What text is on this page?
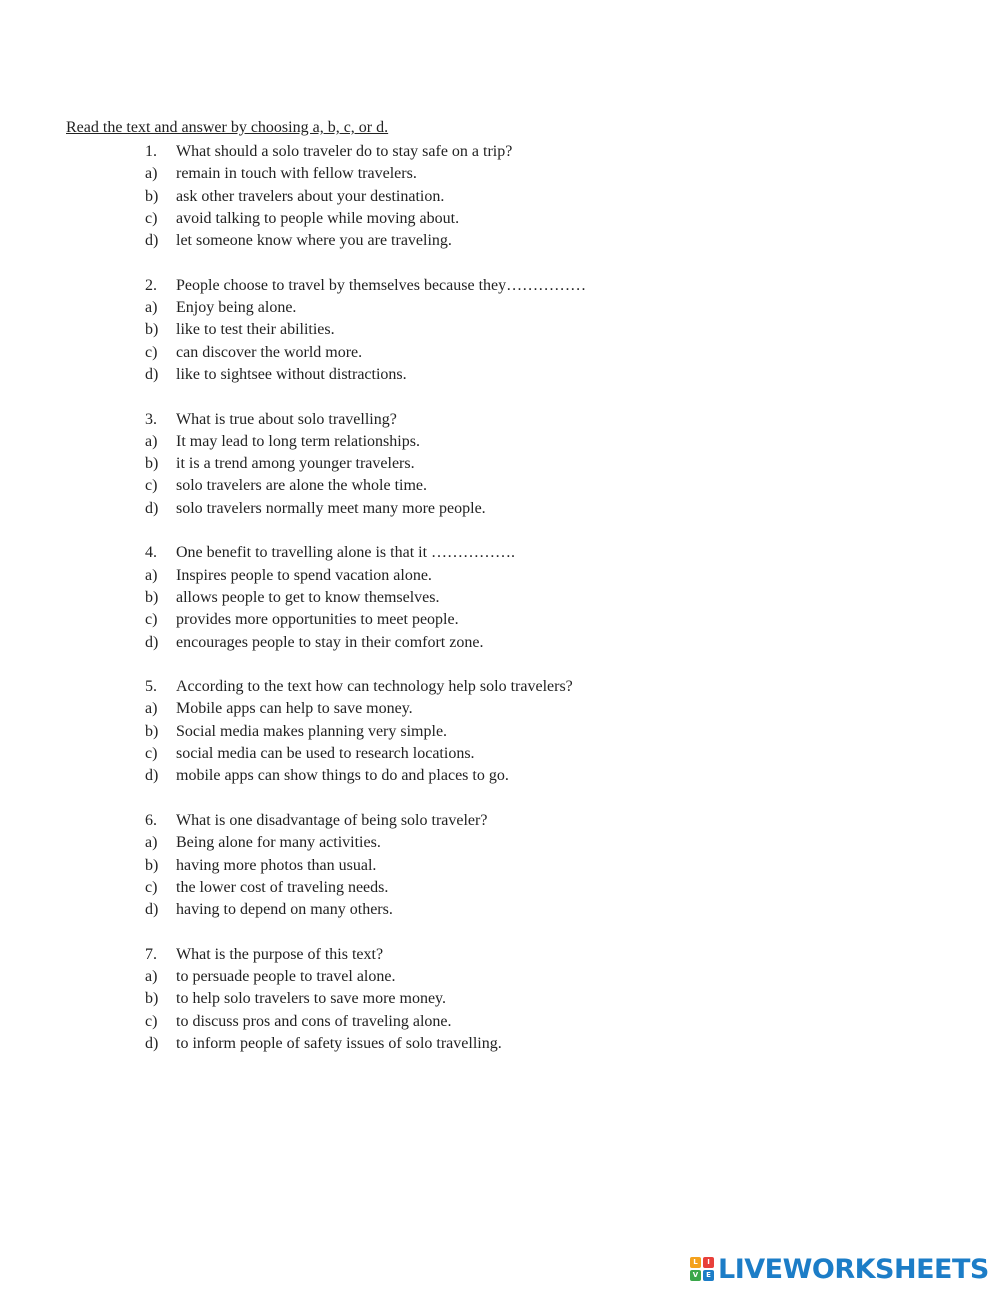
Read the text and answer by choosing a, b, c, or d.
1.	What should a solo traveler do to stay safe on a trip?
a)	remain in touch with fellow travelers.
b)	ask other travelers about your destination.
c)	avoid talking to people while moving about.
d)	let someone know where you are traveling.
2.	People choose to travel by themselves because they……………
a)	Enjoy being alone.
b)	like to test their abilities.
c)	can discover the world more.
d)	like to sightsee without distractions.
3.	What is true about solo travelling?
a)	It may lead to long term relationships.
b)	it is a trend among younger travelers.
c)	solo travelers are alone the whole time.
d)	solo travelers normally meet many more people.
4.	One benefit to travelling alone is that it …………….
a)	Inspires people to spend vacation alone.
b)	allows people to get to know themselves.
c)	provides more opportunities to meet people.
d)	encourages people to stay in their comfort zone.
5.	According to the text how can technology help solo travelers?
a)	Mobile apps can help to save money.
b)	Social media makes planning very simple.
c)	social media can be used to research locations.
d)	mobile apps can show things to do and places to go.
6.	What is one disadvantage of being solo traveler?
a)	Being alone for many activities.
b)	having more photos than usual.
c)	the lower cost of traveling needs.
d)	having to depend on many others.
7.	What is the purpose of this text?
a)	to persuade people to travel alone.
b)	to help solo travelers to save more money.
c)	to discuss pros and cons of traveling alone.
d)	to inform people of safety issues of solo travelling.
L	I
V	E LIVEWORKSHEETS
